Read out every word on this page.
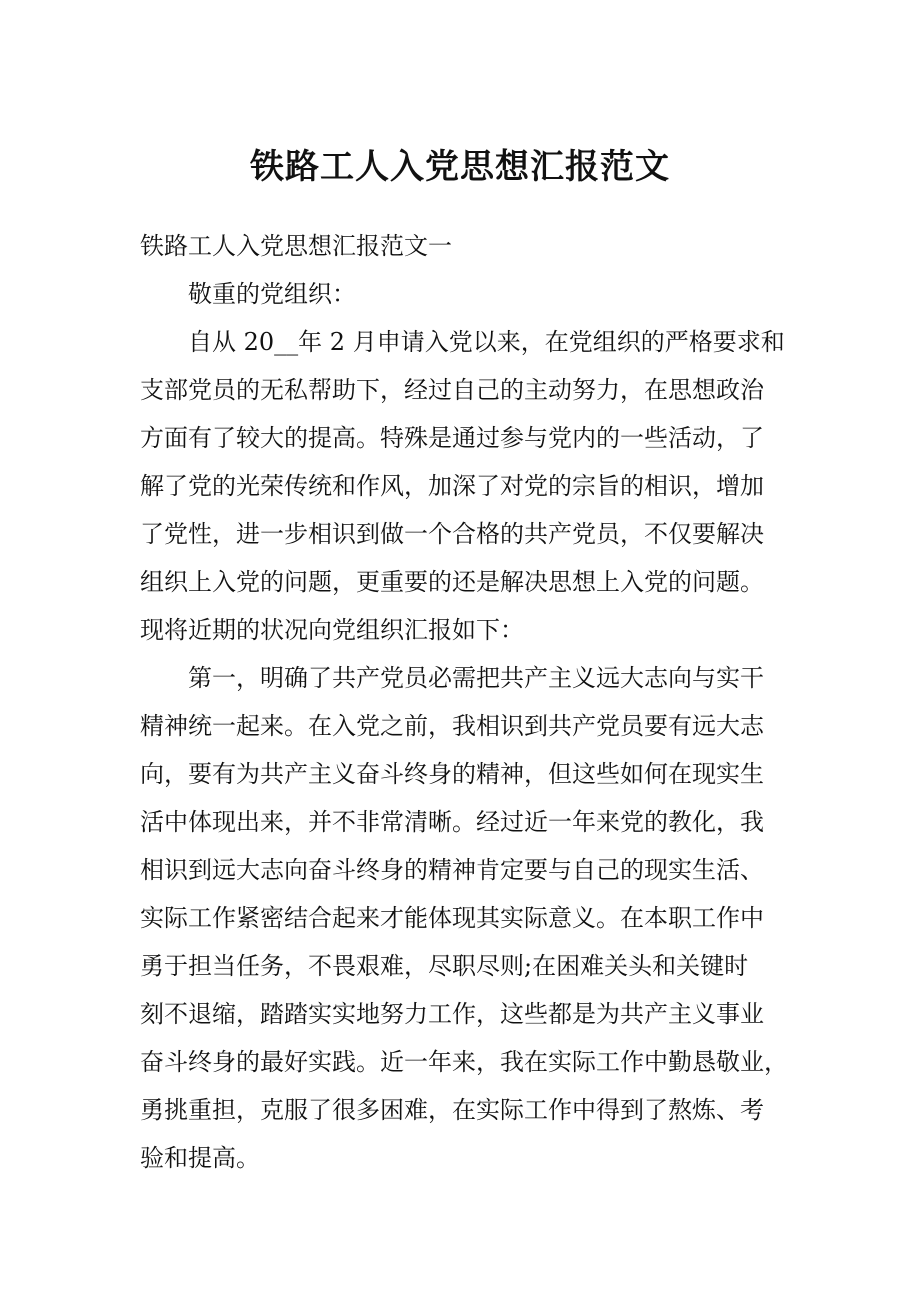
铁路工人入党思想汇报范文
铁路工人入党思想汇报范文一
敬重的党组织：
自从 20__年 2 月申请入党以来，在党组织的严格要求和
支部党员的无私帮助下，经过自己的主动努力，在思想政治
方面有了较大的提高。特殊是通过参与党内的一些活动，了
解了党的光荣传统和作风，加深了对党的宗旨的相识，增加
了党性，进一步相识到做一个合格的共产党员，不仅要解决
组织上入党的问题，更重要的还是解决思想上入党的问题。
现将近期的状况向党组织汇报如下：
第一，明确了共产党员必需把共产主义远大志向与实干
精神统一起来。在入党之前，我相识到共产党员要有远大志
向，要有为共产主义奋斗终身的精神，但这些如何在现实生
活中体现出来，并不非常清晰。经过近一年来党的教化，我
相识到远大志向奋斗终身的精神肯定要与自己的现实生活、
实际工作紧密结合起来才能体现其实际意义。在本职工作中
勇于担当任务，不畏艰难，尽职尽则;在困难关头和关键时
刻不退缩，踏踏实实地努力工作，这些都是为共产主义事业
奋斗终身的最好实践。近一年来，我在实际工作中勤恳敬业，
勇挑重担，克服了很多困难，在实际工作中得到了熬炼、考
验和提高。
